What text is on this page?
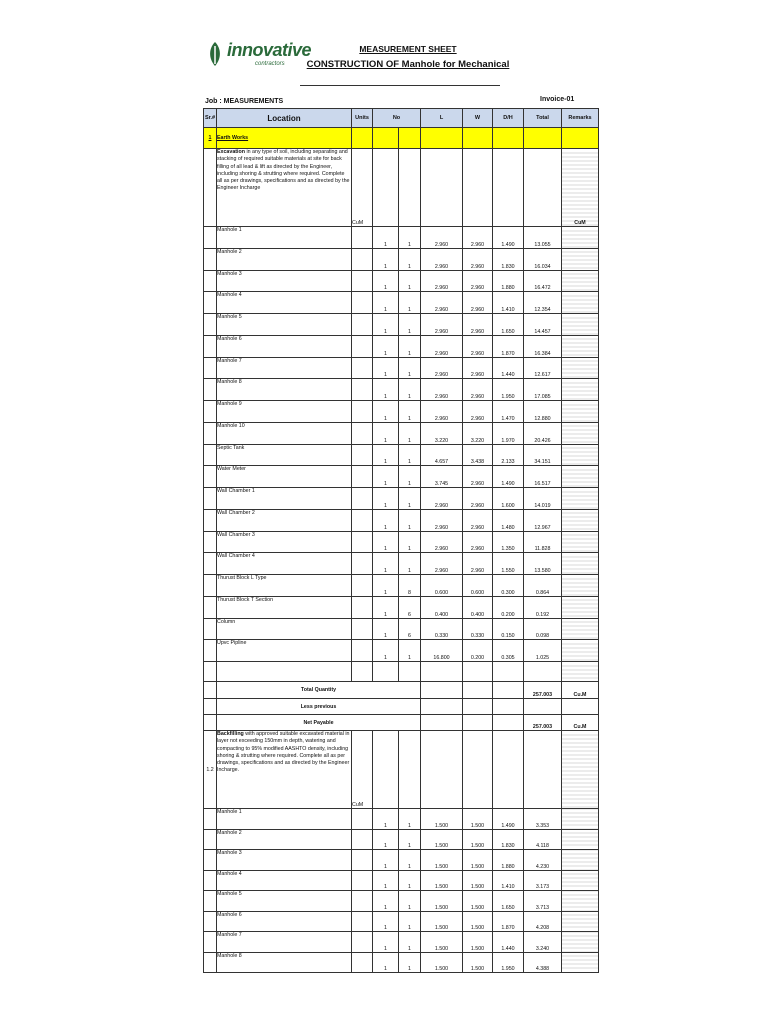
innovative
contractors
MEASUREMENT SHEET
CONSTRUCTION OF Manhole for Mechanical
Job : MEASUREMENTS	Invoice-01
Sr.#	Location	Units	No		L	W	D/H	Total	Remarks
1	Earth Works								
	Excavation in any type of soil, including separating and stacking of required suitable materials at site for back filling of all lead & lift as directed by the Engineer, including shoring & strutting where required. Complete all as per drawings, specifications and as directed by the Engineer Incharge	CuM							CuM
	Manhole 1		1	1	2.960	2.960	1.490	13.055	
	Manhole 2		1	1	2.960	2.960	1.830	16.034	
	Manhole 3		1	1	2.960	2.960	1.880	16.472	
	Manhole 4		1	1	2.960	2.960	1.410	12.354	
	Manhole 5		1	1	2.960	2.960	1.650	14.457	
	Manhole 6		1	1	2.960	2.960	1.870	16.384	
	Manhole 7		1	1	2.960	2.960	1.440	12.617	
	Manhole 8		1	1	2.960	2.960	1.950	17.085	
	Manhole 9		1	1	2.960	2.960	1.470	12.880	
	Manhole 10		1	1	3.220	3.220	1.970	20.426	
	Septic Tank		1	1	4.657	3.438	2.133	34.151	
	Water Meter		1	1	3.745	2.960	1.490	16.517	
	Wall Chamber 1		1	1	2.960	2.960	1.600	14.019	
	Wall Chamber 2		1	1	2.960	2.960	1.480	12.967	
	Wall Chamber 3		1	1	2.960	2.960	1.350	11.828	
	Wall Chamber 4		1	1	2.960	2.960	1.550	13.580	
	Thurust Block L Type		1	8	0.600	0.600	0.300	0.864	
	Thurust Block T Section		1	6	0.400	0.400	0.200	0.192	
	Column		1	6	0.330	0.330	0.150	0.098	
	Upvc Pipline		1	1	16.800	0.200	0.305	1.025	

	Total Quantity							257.003	Cu.M
	Less previous								
	Net Payable							257.003	Cu.M
1.2	Backfilling with approved suitable excavated material in layer not exceeding 150mm in depth, watering and compacting to 95% modified AASHTO density, including shoring & strutting where required. Complete all as per drawings, specifications and as directed by the Engineer Incharge.	CuM							
	Manhole 1		1	1	1.500	1.500	1.490	3.353	
	Manhole 2		1	1	1.500	1.500	1.830	4.118	
	Manhole 3		1	1	1.500	1.500	1.880	4.230	
	Manhole 4		1	1	1.500	1.500	1.410	3.173	
	Manhole 5		1	1	1.500	1.500	1.650	3.713	
	Manhole 6		1	1	1.500	1.500	1.870	4.208	
	Manhole 7		1	1	1.500	1.500	1.440	3.240	
	Manhole 8		1	1	1.500	1.500	1.950	4.388	
